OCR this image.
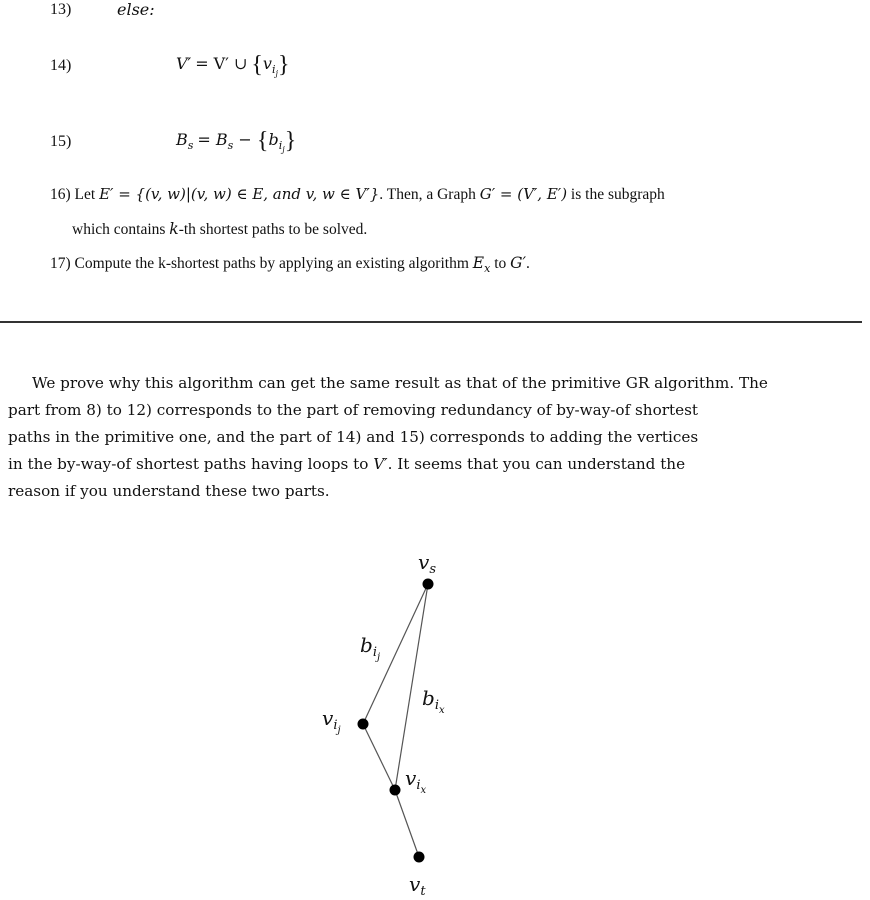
13)	else:
14)	V′ = V′ ∪ $\{v_{i_j}\}$
15)	$B_s = B_s - \{b_{i_j}\}$
16) Let E′ = {(v, w)|(v, w) ∈ E, and v, w ∈ V′}. Then, a Graph G′ = (V′, E′) is the subgraph
which contains k-th shortest paths to be solved.
17) Compute the k-shortest paths by applying an existing algorithm $E_x$ to G′.
We prove why this algorithm can get the same result as that of the primitive GR algorithm. The
part from 8) to 12) corresponds to the part of removing redundancy of by-way-of shortest
paths in the primitive one, and the part of 14) and 15) corresponds to adding the vertices
in the by-way-of shortest paths having loops to V′. It seems that you can understand the
reason if you understand these two parts.
$v_s$
$v_{ij}$
$v_{ix}$
$v_t$
$b_{ij}$
$b_{ix}$
